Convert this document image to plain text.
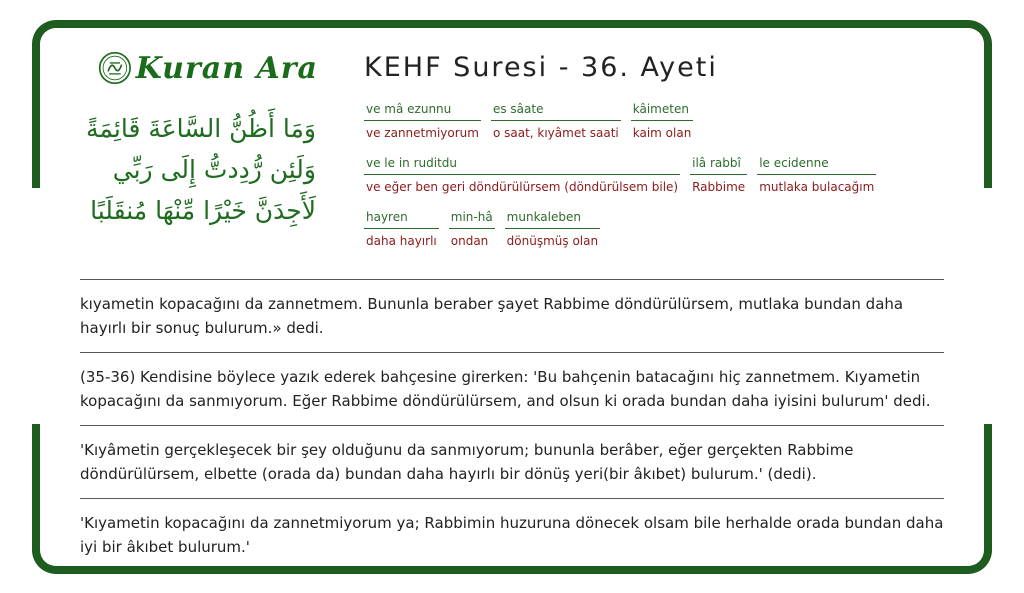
Kuran Ara
وَمَا أَظُنُّ السَّاعَةَ قَائِمَةً
وَلَئِن رُّدِدتُّ إِلَى رَبِّي
لَأَجِدَنَّ خَيْرًا مِّنْهَا مُنقَلَبًا
KEHF Suresi - 36. Ayeti
ve mâ ezunnu
ve zannetmiyorum
es sâate
o saat, kıyâmet saati
kâimeten
kaim olan
ve le in ruditdu
ve eğer ben geri döndürülürsem (döndürülsem bile)
ilâ rabbî
Rabbime
le ecidenne
mutlaka bulacağım
hayren
daha hayırlı
min-hâ
ondan
munkaleben
dönüşmüş olan
kıyametin kopacağını da zannetmem. Bununla beraber şayet Rabbime döndürülürsem, mutlaka bundan daha hayırlı bir sonuç bulurum.» dedi.
(35-36) Kendisine böylece yazık ederek bahçesine girerken: 'Bu bahçenin batacağını hiç zannetmem. Kıyametin kopacağını da sanmıyorum. Eğer Rabbime döndürülürsem, and olsun ki orada bundan daha iyisini bulurum' dedi.
'Kıyâmetin gerçekleşecek bir şey olduğunu da sanmıyorum; bununla berâber, eğer gerçekten Rabbime döndürülürsem, elbette (orada da) bundan daha hayırlı bir dönüş yeri(bir âkıbet) bulurum.' (dedi).
'Kıyametin kopacağını da zannetmiyorum ya; Rabbimin huzuruna dönecek olsam bile herhalde orada bundan daha iyi bir âkıbet bulurum.'
